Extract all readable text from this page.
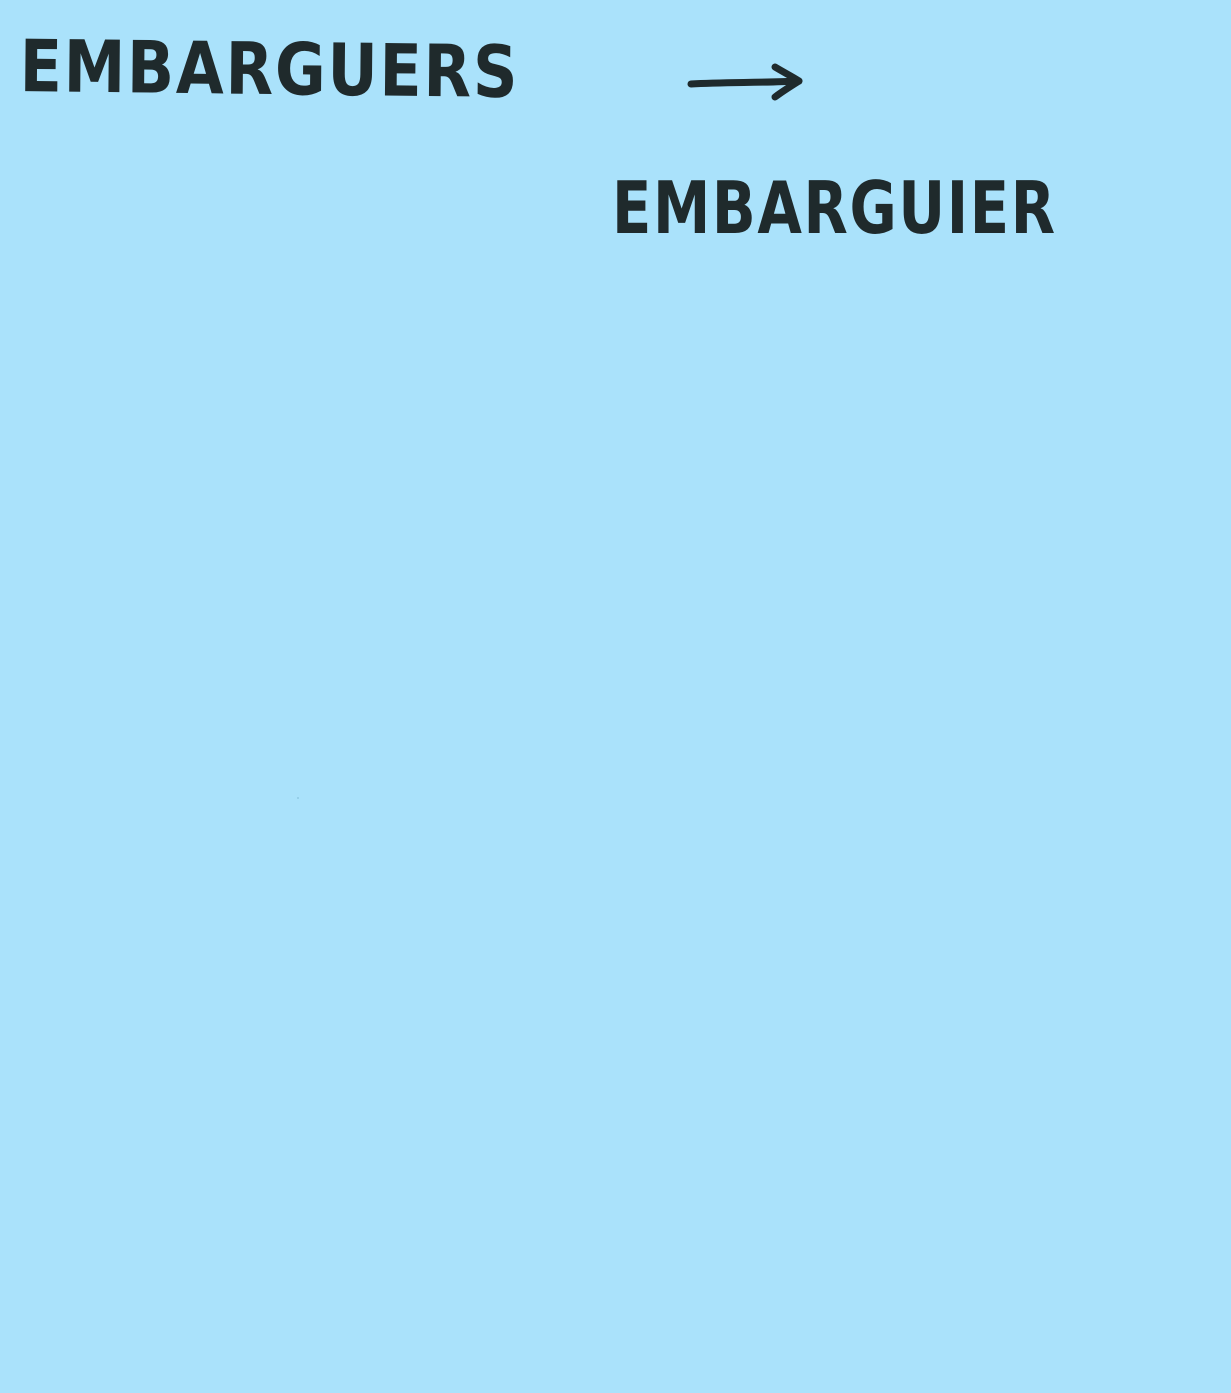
EMBARGUERS

EMBARGUIER
